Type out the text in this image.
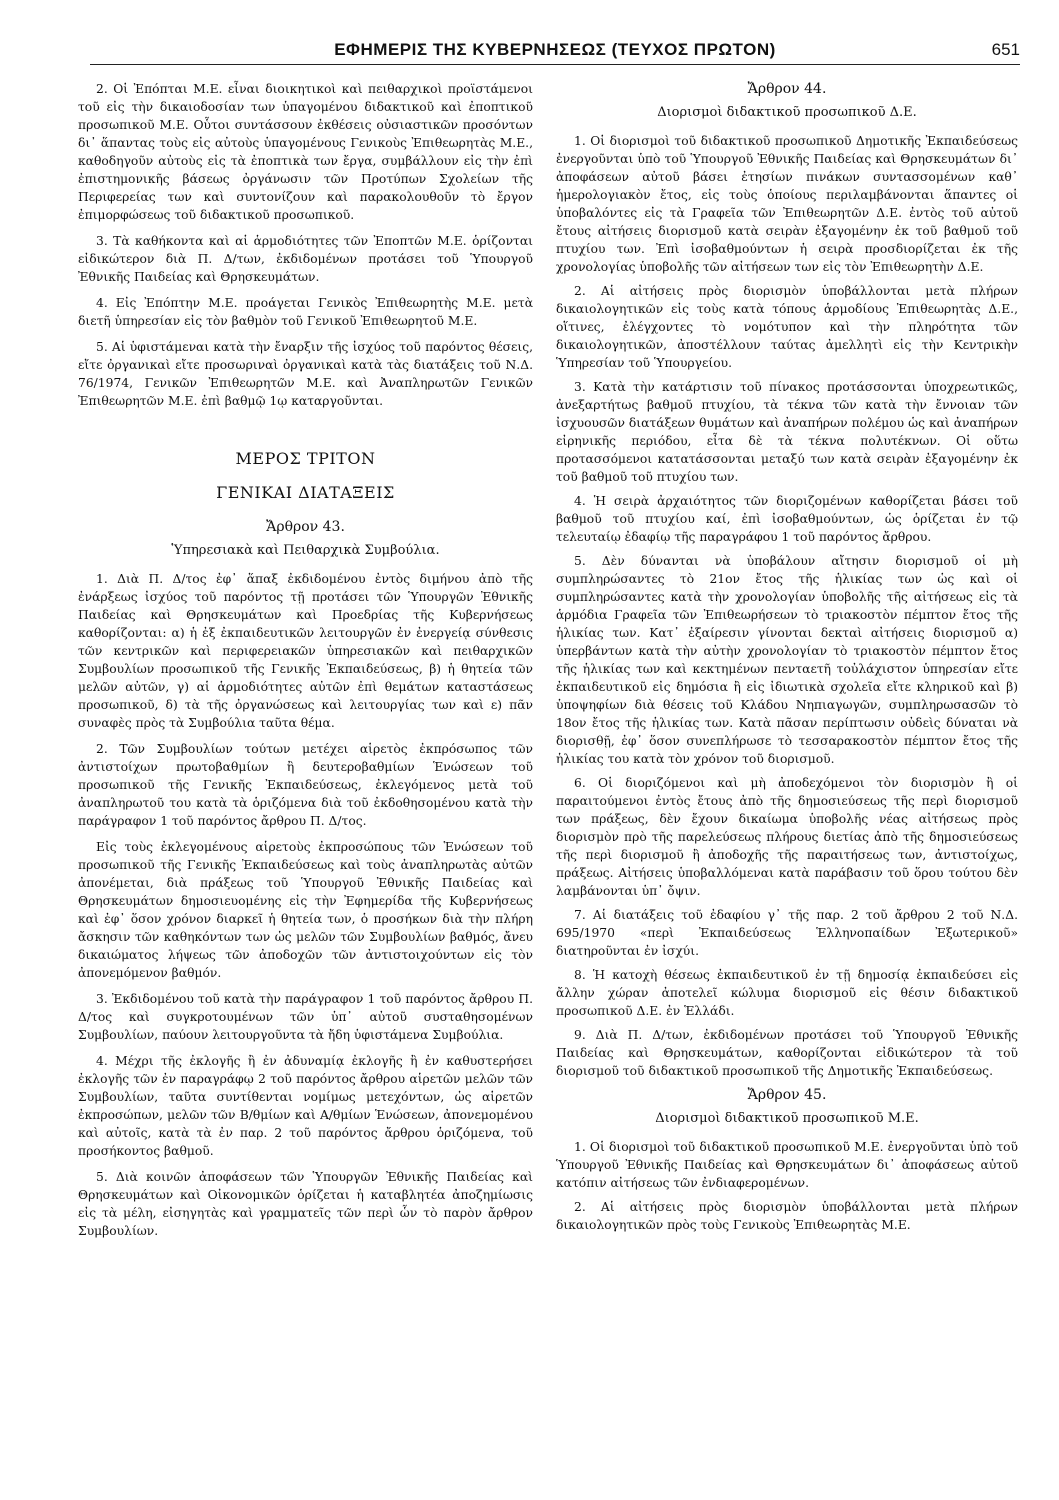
ΕΦΗΜΕΡΙΣ ΤΗΣ ΚΥΒΕΡΝΗΣΕΩΣ (ΤΕΥΧΟΣ ΠΡΩΤΟΝ)	651

2. Οἱ Ἐπόπται Μ.Ε. εἶναι διοικητικοὶ καὶ πειθαρχικοὶ προϊστάμενοι τοῦ εἰς τὴν δικαιοδοσίαν των ὑπαγομένου διδακτικοῦ καὶ ἐποπτικοῦ προσωπικοῦ Μ.Ε. Οὗτοι συντάσσουν ἐκθέσεις οὐσιαστικῶν προσόντων δι᾽ ἅπαντας τοὺς εἰς αὐτοὺς ὑπαγομένους Γενικοὺς Ἐπιθεωρητὰς Μ.Ε., καθοδηγοῦν αὐτοὺς εἰς τὰ ἐποπτικὰ των ἔργα, συμβάλλουν εἰς τὴν ἐπὶ ἐπιστημονικῆς βάσεως ὀργάνωσιν τῶν Προτύπων Σχολείων τῆς Περιφερείας των καὶ συντονίζουν καὶ παρακολουθοῦν τὸ ἔργον ἐπιμορφώσεως τοῦ διδακτικοῦ προσωπικοῦ.

3. Τὰ καθήκοντα καὶ αἱ ἁρμοδιότητες τῶν Ἐποπτῶν Μ.Ε. ὁρίζονται εἰδικώτερον διὰ Π. Δ/των, ἐκδιδομένων προτάσει τοῦ Ὑπουργοῦ Ἐθνικῆς Παιδείας καὶ Θρησκευμάτων.

4. Εἰς Ἐπόπτην Μ.Ε. προάγεται Γενικὸς Ἐπιθεωρητὴς Μ.Ε. μετὰ διετῆ ὑπηρεσίαν εἰς τὸν βαθμὸν τοῦ Γενικοῦ Ἐπιθεωρητοῦ Μ.Ε.

5. Αἱ ὑφιστάμεναι κατὰ τὴν ἔναρξιν τῆς ἰσχύος τοῦ παρόντος θέσεις, εἴτε ὀργανικαὶ εἴτε προσωριναὶ ὀργανικαὶ κατὰ τὰς διατάξεις τοῦ Ν.Δ. 76/1974, Γενικῶν Ἐπιθεωρητῶν Μ.Ε. καὶ Ἀναπληρωτῶν Γενικῶν Ἐπιθεωρητῶν Μ.Ε. ἐπὶ βαθμῷ 1ῳ καταργοῦνται.

ΜΕΡΟΣ ΤΡΙΤΟΝ
ΓΕΝΙΚΑΙ ΔΙΑΤΑΞΕΙΣ
Ἄρθρον 43.
Ὑπηρεσιακὰ καὶ Πειθαρχικὰ Συμβούλια.

1. Διὰ Π. Δ/τος ἐφ᾽ ἅπαξ ἐκδιδομένου ἐντὸς διμήνου ἀπὸ τῆς ἐνάρξεως ἰσχύος τοῦ παρόντος τῇ προτάσει τῶν Ὑπουργῶν Ἐθνικῆς Παιδείας καὶ Θρησκευμάτων καὶ Προεδρίας τῆς Κυβερνήσεως καθορίζονται: α) ἡ ἐξ ἐκπαιδευτικῶν λειτουργῶν ἐν ἐνεργείᾳ σύνθεσις τῶν κεντρικῶν καὶ περιφερειακῶν ὑπηρεσιακῶν καὶ πειθαρχικῶν Συμβουλίων προσωπικοῦ τῆς Γενικῆς Ἐκπαιδεύσεως, β) ἡ θητεία τῶν μελῶν αὐτῶν, γ) αἱ ἁρμοδιότητες αὐτῶν ἐπὶ θεμάτων καταστάσεως προσωπικοῦ, δ) τὰ τῆς ὀργανώσεως καὶ λειτουργίας των καὶ ε) πᾶν συναφὲς πρὸς τὰ Συμβούλια ταῦτα θέμα.

2. Τῶν Συμβουλίων τούτων μετέχει αἱρετὸς ἐκπρόσωπος τῶν ἀντιστοίχων πρωτοβαθμίων ἢ δευτεροβαθμίων Ἑνώσεων τοῦ προσωπικοῦ τῆς Γενικῆς Ἐκπαιδεύσεως, ἐκλεγόμενος μετὰ τοῦ ἀναπληρωτοῦ του κατὰ τὰ ὁριζόμενα διὰ τοῦ ἐκδοθησομένου κατὰ τὴν παράγραφον 1 τοῦ παρόντος ἄρθρου Π. Δ/τος.

Εἰς τοὺς ἐκλεγομένους αἱρετοὺς ἐκπροσώπους τῶν Ἑνώσεων τοῦ προσωπικοῦ τῆς Γενικῆς Ἐκπαιδεύσεως καὶ τοὺς ἀναπληρωτὰς αὐτῶν ἀπονέμεται, διὰ πράξεως τοῦ Ὑπουργοῦ Ἐθνικῆς Παιδείας καὶ Θρησκευμάτων δημοσιευομένης εἰς τὴν Ἐφημερίδα τῆς Κυβερνήσεως καὶ ἐφ᾽ ὅσον χρόνον διαρκεῖ ἡ θητεία των, ὁ προσήκων διὰ τὴν πλήρη ἄσκησιν τῶν καθηκόντων των ὡς μελῶν τῶν Συμβουλίων βαθμός, ἄνευ δικαιώματος λήψεως τῶν ἀποδοχῶν τῶν ἀντιστοιχούντων εἰς τὸν ἀπονεμόμενον βαθμόν.

3. Ἐκδιδομένου τοῦ κατὰ τὴν παράγραφον 1 τοῦ παρόντος ἄρθρου Π. Δ/τος καὶ συγκροτουμένων τῶν ὑπ᾽ αὐτοῦ συσταθησομένων Συμβουλίων, παύουν λειτουργοῦντα τὰ ἤδη ὑφιστάμενα Συμβούλια.

4. Μέχρι τῆς ἐκλογῆς ἢ ἐν ἀδυναμίᾳ ἐκλογῆς ἢ ἐν καθυστερήσει ἐκλογῆς τῶν ἐν παραγράφῳ 2 τοῦ παρόντος ἄρθρου αἱρετῶν μελῶν τῶν Συμβουλίων, ταῦτα συντίθενται νομίμως μετεχόντων, ὡς αἱρετῶν ἐκπροσώπων, μελῶν τῶν Β/θμίων καὶ Α/θμίων Ἑνώσεων, ἀπονεμομένου καὶ αὐτοῖς, κατὰ τὰ ἐν παρ. 2 τοῦ παρόντος ἄρθρου ὁριζόμενα, τοῦ προσήκοντος βαθμοῦ.

5. Διὰ κοινῶν ἀποφάσεων τῶν Ὑπουργῶν Ἐθνικῆς Παιδείας καὶ Θρησκευμάτων καὶ Οἰκονομικῶν ὁρίζεται ἡ καταβλητέα ἀποζημίωσις εἰς τὰ μέλη, εἰσηγητὰς καὶ γραμματεῖς τῶν περὶ ὧν τὸ παρὸν ἄρθρον Συμβουλίων.

Ἄρθρον 44.
Διορισμοὶ διδακτικοῦ προσωπικοῦ Δ.Ε.

1. Οἱ διορισμοὶ τοῦ διδακτικοῦ προσωπικοῦ Δημοτικῆς Ἐκπαιδεύσεως ἐνεργοῦνται ὑπὸ τοῦ Ὑπουργοῦ Ἐθνικῆς Παιδείας καὶ Θρησκευμάτων δι᾽ ἀποφάσεων αὐτοῦ βάσει ἐτησίων πινάκων συντασσομένων καθ᾽ ἡμερολογιακὸν ἔτος, εἰς τοὺς ὁποίους περιλαμβάνονται ἅπαντες οἱ ὑποβαλόντες εἰς τὰ Γραφεῖα τῶν Ἐπιθεωρητῶν Δ.Ε. ἐντὸς τοῦ αὐτοῦ ἔτους αἰτήσεις διορισμοῦ κατὰ σειρὰν ἐξαγομένην ἐκ τοῦ βαθμοῦ τοῦ πτυχίου των. Ἐπὶ ἰσοβαθμούντων ἡ σειρὰ προσδιορίζεται ἐκ τῆς χρονολογίας ὑποβολῆς τῶν αἰτήσεων των εἰς τὸν Ἐπιθεωρητὴν Δ.Ε.

2. Αἱ αἰτήσεις πρὸς διορισμὸν ὑποβάλλονται μετὰ πλήρων δικαιολογητικῶν εἰς τοὺς κατὰ τόπους ἁρμοδίους Ἐπιθεωρητὰς Δ.Ε., οἵτινες, ἐλέγχοντες τὸ νομότυπον καὶ τὴν πληρότητα τῶν δικαιολογητικῶν, ἀποστέλλουν ταύτας ἀμελλητὶ εἰς τὴν Κεντρικὴν Ὑπηρεσίαν τοῦ Ὑπουργείου.

3. Κατὰ τὴν κατάρτισιν τοῦ πίνακος προτάσσονται ὑποχρεωτικῶς, ἀνεξαρτήτως βαθμοῦ πτυχίου, τὰ τέκνα τῶν κατὰ τὴν ἔννοιαν τῶν ἰσχυουσῶν διατάξεων θυμάτων καὶ ἀναπήρων πολέμου ὡς καὶ ἀναπήρων εἰρηνικῆς περιόδου, εἶτα δὲ τὰ τέκνα πολυτέκνων. Οἱ οὕτω προτασσόμενοι κατατάσσονται μεταξύ των κατὰ σειρὰν ἐξαγομένην ἐκ τοῦ βαθμοῦ τοῦ πτυχίου των.

4. Ἡ σειρὰ ἀρχαιότητος τῶν διοριζομένων καθορίζεται βάσει τοῦ βαθμοῦ τοῦ πτυχίου καί, ἐπὶ ἰσοβαθμούντων, ὡς ὁρίζεται ἐν τῷ τελευταίῳ ἐδαφίῳ τῆς παραγράφου 1 τοῦ παρόντος ἄρθρου.

5. Δὲν δύνανται νὰ ὑποβάλουν αἴτησιν διορισμοῦ οἱ μὴ συμπληρώσαντες τὸ 21ον ἔτος τῆς ἡλικίας των ὡς καὶ οἱ συμπληρώσαντες κατὰ τὴν χρονολογίαν ὑποβολῆς τῆς αἰτήσεως εἰς τὰ ἁρμόδια Γραφεῖα τῶν Ἐπιθεωρήσεων τὸ τριακοστὸν πέμπτον ἔτος τῆς ἡλικίας των. Κατ᾽ ἐξαίρεσιν γίνονται δεκταὶ αἰτήσεις διορισμοῦ α) ὑπερβάντων κατὰ τὴν αὐτὴν χρονολογίαν τὸ τριακοστὸν πέμπτον ἔτος τῆς ἡλικίας των καὶ κεκτημένων πενταετῆ τοὐλάχιστον ὑπηρεσίαν εἴτε ἐκπαιδευτικοῦ εἰς δημόσια ἢ εἰς ἰδιωτικὰ σχολεῖα εἴτε κληρικοῦ καὶ β) ὑποψηφίων διὰ θέσεις τοῦ Κλάδου Νηπιαγωγῶν, συμπληρωσασῶν τὸ 18ον ἔτος τῆς ἡλικίας των. Κατὰ πᾶσαν περίπτωσιν οὐδεὶς δύναται νὰ διορισθῇ, ἐφ᾽ ὅσον συνεπλήρωσε τὸ τεσσαρακοστὸν πέμπτον ἔτος τῆς ἡλικίας του κατὰ τὸν χρόνον τοῦ διορισμοῦ.

6. Οἱ διοριζόμενοι καὶ μὴ ἀποδεχόμενοι τὸν διορισμὸν ἢ οἱ παραιτούμενοι ἐντὸς ἔτους ἀπὸ τῆς δημοσιεύσεως τῆς περὶ διορισμοῦ των πράξεως, δὲν ἔχουν δικαίωμα ὑποβολῆς νέας αἰτήσεως πρὸς διορισμὸν πρὸ τῆς παρελεύσεως πλήρους διετίας ἀπὸ τῆς δημοσιεύσεως τῆς περὶ διορισμοῦ ἢ ἀποδοχῆς τῆς παραιτήσεως των, ἀντιστοίχως, πράξεως. Αἰτήσεις ὑποβαλλόμεναι κατὰ παράβασιν τοῦ ὅρου τούτου δὲν λαμβάνονται ὑπ᾽ ὄψιν.

7. Αἱ διατάξεις τοῦ ἐδαφίου γ᾽ τῆς παρ. 2 τοῦ ἄρθρου 2 τοῦ Ν.Δ. 695/1970 «περὶ Ἐκπαιδεύσεως Ἑλληνοπαίδων Ἐξωτερικοῦ» διατηροῦνται ἐν ἰσχύι.

8. Ἡ κατοχὴ θέσεως ἐκπαιδευτικοῦ ἐν τῇ δημοσίᾳ ἐκπαιδεύσει εἰς ἄλλην χώραν ἀποτελεῖ κώλυμα διορισμοῦ εἰς θέσιν διδακτικοῦ προσωπικοῦ Δ.Ε. ἐν Ἑλλάδι.

9. Διὰ Π. Δ/των, ἐκδιδομένων προτάσει τοῦ Ὑπουργοῦ Ἐθνικῆς Παιδείας καὶ Θρησκευμάτων, καθορίζονται εἰδικώτερον τὰ τοῦ διορισμοῦ τοῦ διδακτικοῦ προσωπικοῦ τῆς Δημοτικῆς Ἐκπαιδεύσεως.

Ἄρθρον 45.
Διορισμοὶ διδακτικοῦ προσωπικοῦ Μ.Ε.

1. Οἱ διορισμοὶ τοῦ διδακτικοῦ προσωπικοῦ Μ.Ε. ἐνεργοῦνται ὑπὸ τοῦ Ὑπουργοῦ Ἐθνικῆς Παιδείας καὶ Θρησκευμάτων δι᾽ ἀποφάσεως αὐτοῦ κατόπιν αἰτήσεως τῶν ἐνδιαφερομένων.

2. Αἱ αἰτήσεις πρὸς διορισμὸν ὑποβάλλονται μετὰ πλήρων δικαιολογητικῶν πρὸς τοὺς Γενικοὺς Ἐπιθεωρητὰς Μ.Ε.
